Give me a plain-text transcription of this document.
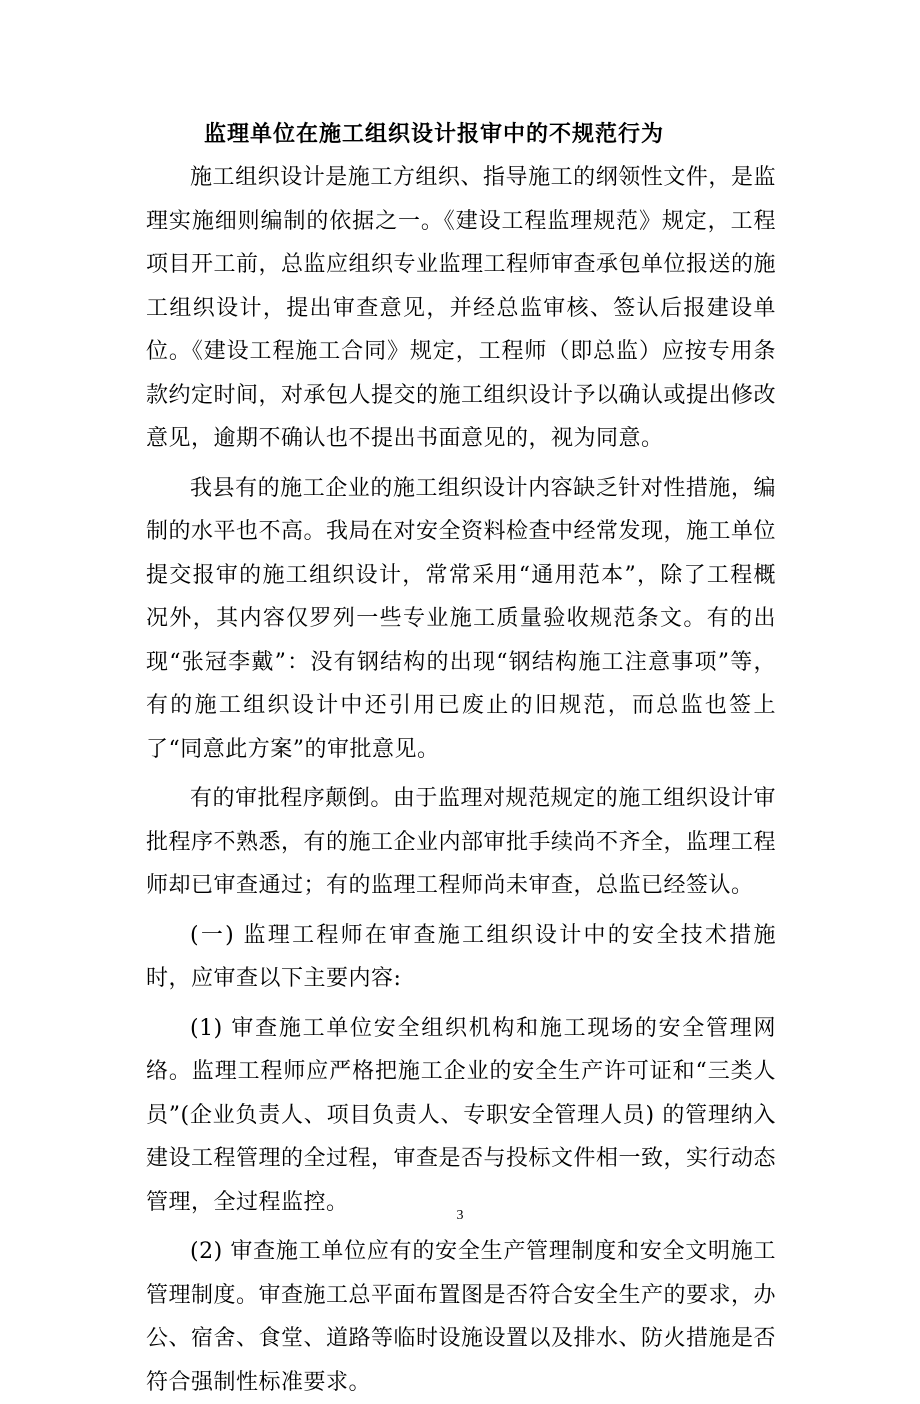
监理单位在施工组织设计报审中的不规范行为

施工组织设计是施工方组织、指导施工的纲领性文件，是监理实施细则编制的依据之一。《建设工程监理规范》规定，工程项目开工前，总监应组织专业监理工程师审查承包单位报送的施工组织设计，提出审查意见，并经总监审核、签认后报建设单位。《建设工程施工合同》规定，工程师（即总监）应按专用条款约定时间，对承包人提交的施工组织设计予以确认或提出修改意见，逾期不确认也不提出书面意见的，视为同意。

我县有的施工企业的施工组织设计内容缺乏针对性措施，编制的水平也不高。我局在对安全资料检查中经常发现，施工单位提交报审的施工组织设计，常常采用“通用范本”，除了工程概况外，其内容仅罗列一些专业施工质量验收规范条文。有的出现“张冠李戴”：没有钢结构的出现“钢结构施工注意事项”等，有的施工组织设计中还引用已废止的旧规范，而总监也签上了“同意此方案”的审批意见。

有的审批程序颠倒。由于监理对规范规定的施工组织设计审批程序不熟悉，有的施工企业内部审批手续尚不齐全，监理工程师却已审查通过；有的监理工程师尚未审查，总监已经签认。

(一) 监理工程师在审查施工组织设计中的安全技术措施时，应审查以下主要内容:

(1) 审查施工单位安全组织机构和施工现场的安全管理网络。监理工程师应严格把施工企业的安全生产许可证和“三类人员”(企业负责人、项目负责人、专职安全管理人员) 的管理纳入建设工程管理的全过程，审查是否与投标文件相一致，实行动态管理，全过程监控。

(2) 审查施工单位应有的安全生产管理制度和安全文明施工管理制度。审查施工总平面布置图是否符合安全生产的要求，办公、宿舍、食堂、道路等临时设施设置以及排水、防火措施是否符合强制性标准要求。

3
